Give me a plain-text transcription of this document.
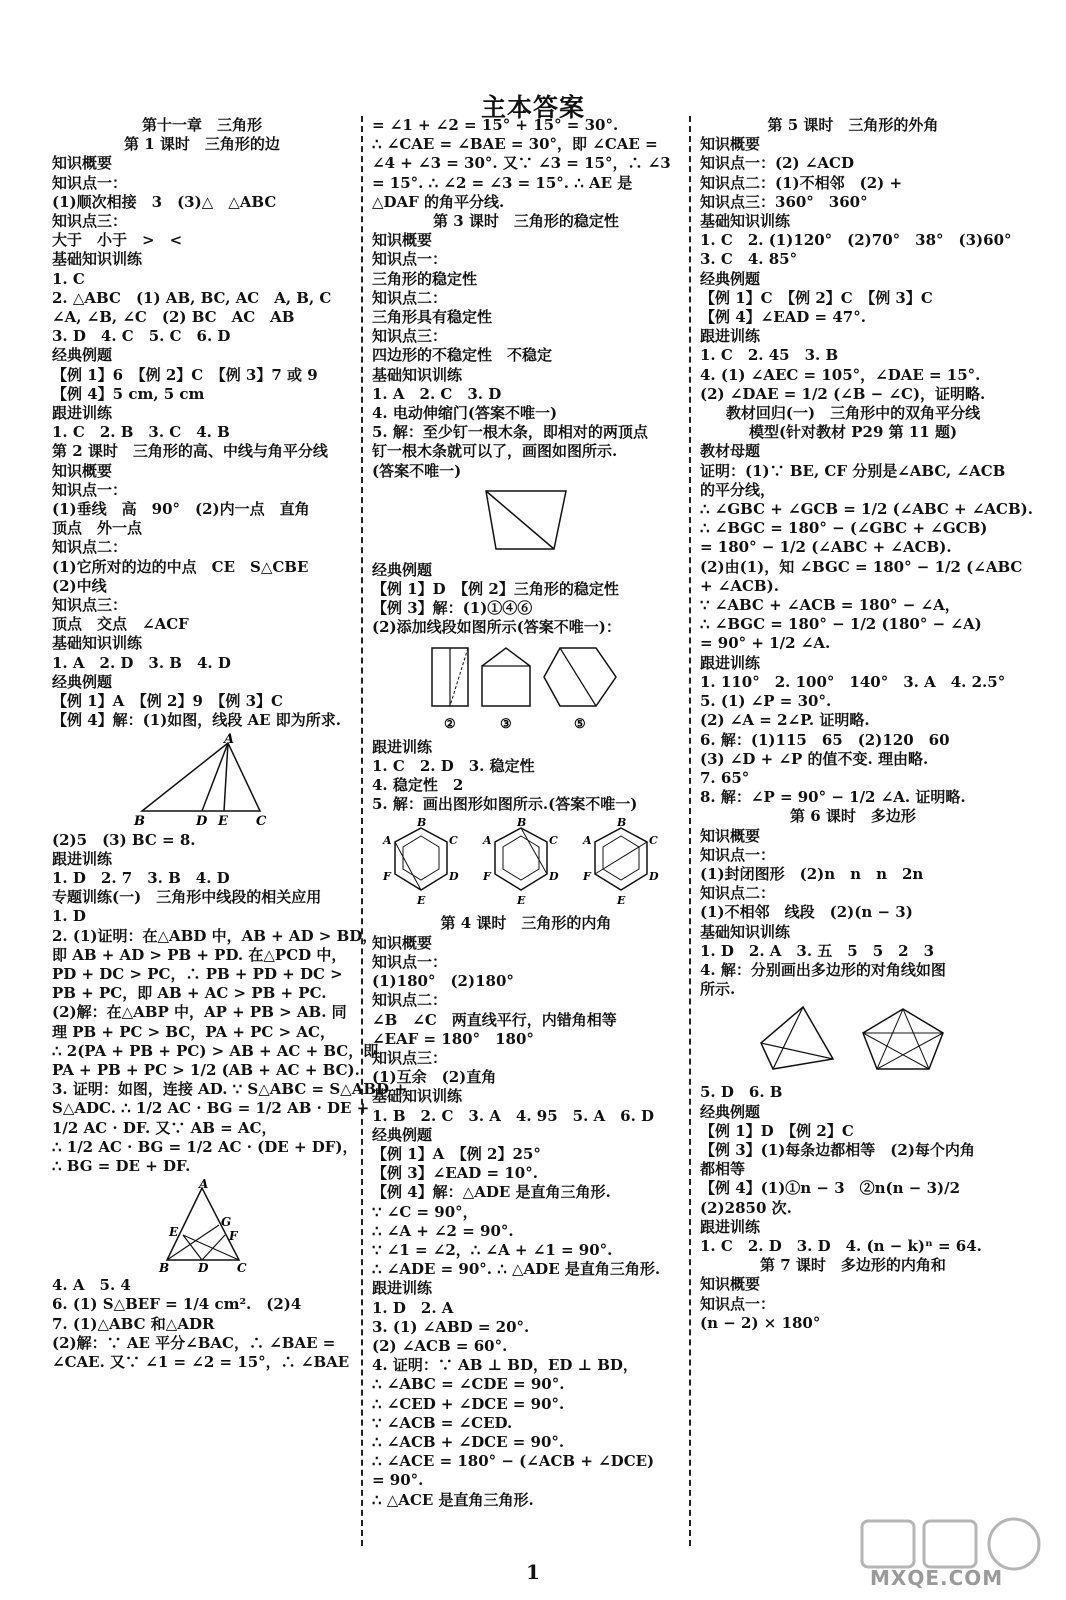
主本答案
第十一章　三角形
第 1 课时　三角形的边
知识概要
知识点一：
(1)顺次相接　3　(3)△　△ABC
知识点三：
大于　小于　>　<
基础知识训练
1. C
2. △ABC　(1) AB, BC, AC　A, B, C
∠A, ∠B, ∠C　(2) BC　AC　AB
3. D　4. C　5. C　6. D
经典例题
【例 1】6　【例 2】C　【例 3】7 或 9
【例 4】5 cm, 5 cm
跟进训练
1. C　2. B　3. C　4. B
第 2 课时　三角形的高、中线与角平分线
知识概要
知识点一：
(1)垂线　高　90°　(2)内一点　直角
顶点　外一点
知识点二：
(1)它所对的边的中点　CE　S△CBE
(2)中线
知识点三：
顶点　交点　∠ACF
基础知识训练
1. A　2. D　3. B　4. D
经典例题
【例 1】A　【例 2】9　【例 3】C
【例 4】解：(1)如图，线段 AE 即为所求.
A
B	D E C
(2)5　(3) BC = 8.
跟进训练
1. D　2. 7　3. B　4. D
专题训练(一)　三角形中线段的相关应用
1. D
2. (1)证明：在△ABD 中，AB + AD > BD，
即 AB + AD > PB + PD. 在△PCD 中，
PD + DC > PC，∴ PB + PD + DC >
PB + PC，即 AB + AC > PB + PC.
(2)解：在△ABP 中，AP + PB > AB. 同
理 PB + PC > BC，PA + PC > AC，
∴ 2(PA + PB + PC) > AB + AC + BC，即
PA + PB + PC > 1/2 (AB + AC + BC).
3. 证明：如图，连接 AD. ∵ S△ABC = S△ABD +
S△ADC. ∴ 1/2 AC · BG = 1/2 AB · DE +
1/2 AC · DF. 又∵ AB = AC，
∴ 1/2 AC · BG = 1/2 AC · (DE + DF)，
∴ BG = DE + DF.
A
E
G
F
B D C
4. A　5. 4
6. (1) S△BEF = 1/4 cm².　(2)4
7. (1)△ABC 和△ADR
(2)解：∵ AE 平分∠BAC，∴ ∠BAE =
∠CAE. 又∵ ∠1 = ∠2 = 15°，∴ ∠BAE
= ∠1 + ∠2 = 15° + 15° = 30°.
∴ ∠CAE = ∠BAE = 30°，即 ∠CAE =
∠4 + ∠3 = 30°. 又∵ ∠3 = 15°，∴ ∠3
= 15°. ∴ ∠2 = ∠3 = 15°. ∴ AE 是
△DAF 的角平分线.
第 3 课时　三角形的稳定性
知识概要
知识点一：
三角形的稳定性
知识点二：
三角形具有稳定性
知识点三：
四边形的不稳定性　不稳定
基础知识训练
1. A　2. C　3. D
4. 电动伸缩门(答案不唯一)
5. 解：至少钉一根木条，即相对的两顶点
钉一根木条就可以了，画图如图所示.
(答案不唯一)
经典例题
【例 1】D　【例 2】三角形的稳定性
【例 3】解：(1)①④⑥
(2)添加线段如图所示(答案不唯一)：
②	③	⑤
跟进训练
1. C　2. D　3. 稳定性
4. 稳定性　2
5. 解：画出图形如图所示.(答案不唯一)
B
A	C
D
E
F
B
A	C
D
E
F
B
A	C
D
E
F
第 4 课时　三角形的内角
知识概要
知识点一：
(1)180°　(2)180°
知识点二：
∠B　∠C　两直线平行，内错角相等
∠EAF = 180°　180°
知识点三：
(1)互余　(2)直角
基础知识训练
1. B　2. C　3. A　4. 95　5. A　6. D
经典例题
【例 1】A　【例 2】25°
【例 3】∠EAD = 10°.
【例 4】解：△ADE 是直角三角形.
∵ ∠C = 90°，
∴ ∠A + ∠2 = 90°.
∵ ∠1 = ∠2，∴ ∠A + ∠1 = 90°.
∴ ∠ADE = 90°. ∴ △ADE 是直角三角形.
跟进训练
1. D　2. A
3. (1) ∠ABD = 20°.
(2) ∠ACB = 60°.
4. 证明：∵ AB ⊥ BD，ED ⊥ BD，
∴ ∠ABC = ∠CDE = 90°.
∴ ∠CED + ∠DCE = 90°.
∵ ∠ACB = ∠CED.
∴ ∠ACB + ∠DCE = 90°.
∴ ∠ACE = 180° − (∠ACB + ∠DCE)
= 90°.
∴ △ACE 是直角三角形.
第 5 课时　三角形的外角
知识概要
知识点一：(2) ∠ACD
知识点二：(1)不相邻　(2) +
知识点三：360°　360°
基础知识训练
1. C　2. (1)120°　(2)70°　38°　(3)60°
3. C　4. 85°
经典例题
【例 1】C　【例 2】C　【例 3】C
【例 4】∠EAD = 47°.
跟进训练
1. C　2. 45　3. B
4. (1) ∠AEC = 105°，∠DAE = 15°.
(2) ∠DAE = 1/2 (∠B − ∠C)，证明略.
教材回归(一)　三角形中的双角平分线
模型(针对教材 P29 第 11 题)
教材母题
证明：(1)∵ BE, CF 分别是∠ABC, ∠ACB
的平分线，
∴ ∠GBC + ∠GCB = 1/2 (∠ABC + ∠ACB).
∴ ∠BGC = 180° − (∠GBC + ∠GCB)
= 180° − 1/2 (∠ABC + ∠ACB).
(2)由(1)，知 ∠BGC = 180° − 1/2 (∠ABC
+ ∠ACB).
∵ ∠ABC + ∠ACB = 180° − ∠A，
∴ ∠BGC = 180° − 1/2 (180° − ∠A)
= 90° + 1/2 ∠A.
跟进训练
1. 110°　2. 100°　140°　3. A　4. 2.5°
5. (1) ∠P = 30°.
(2) ∠A = 2∠P. 证明略.
6. 解：(1)115　65　(2)120　60
(3) ∠D + ∠P 的值不变. 理由略.
7. 65°
8. 解：∠P = 90° − 1/2 ∠A. 证明略.
第 6 课时　多边形
知识概要
知识点一：
(1)封闭图形　(2)n　n　n　2n
知识点二：
(1)不相邻　线段　(2)(n − 3)
基础知识训练
1. D　2. A　3. 五　5　5　2　3
4. 解：分别画出多边形的对角线如图
所示.
5. D　6. B
经典例题
【例 1】D　【例 2】C
【例 3】(1)每条边都相等　(2)每个内角
都相等
【例 4】(1)①n − 3　②n(n − 3)/2
(2)2850 次.
跟进训练
1. C　2. D　3. D　4. (n − k)ⁿ = 64.
第 7 课时　多边形的内角和
知识概要
知识点一：
(n − 2) × 180°
1	MXQE.COM
